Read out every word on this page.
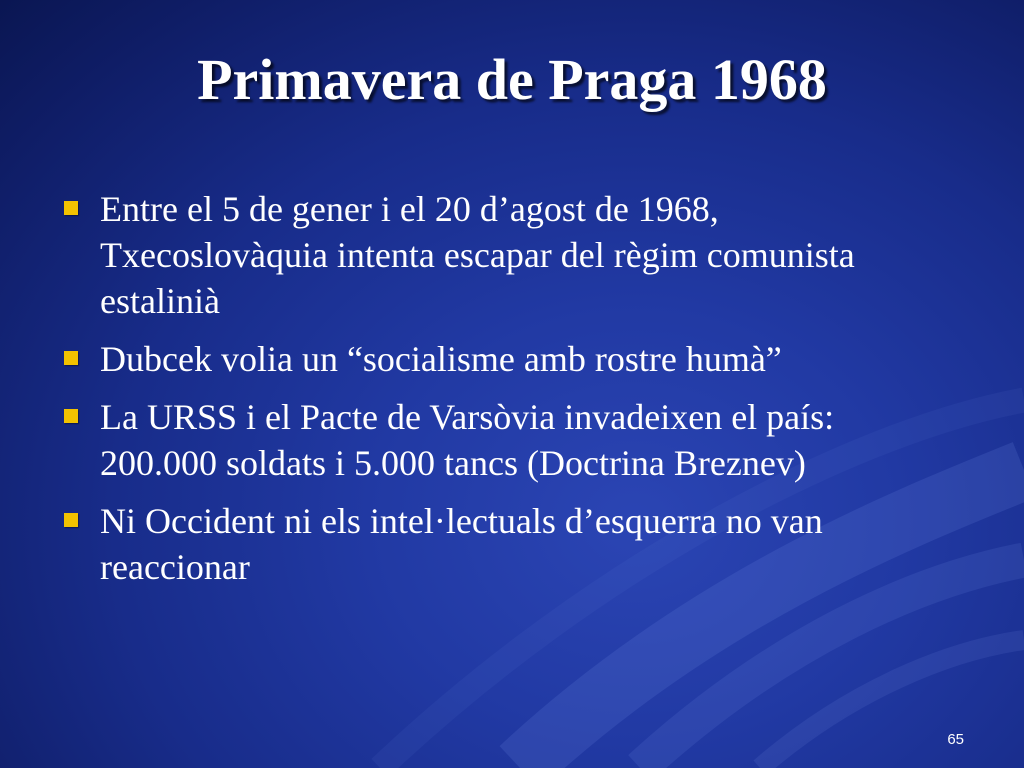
Primavera de Praga 1968
Entre el 5 de gener i el 20 d’agost de 1968, Txecoslovàquia intenta escapar del règim comunista estalinià
Dubcek volia un “socialisme amb rostre humà”
La URSS i el Pacte de Varsòvia invadeixen el país: 200.000 soldats i 5.000 tancs (Doctrina Breznev)
Ni Occident ni els intel·lectuals d’esquerra no van reaccionar
65
